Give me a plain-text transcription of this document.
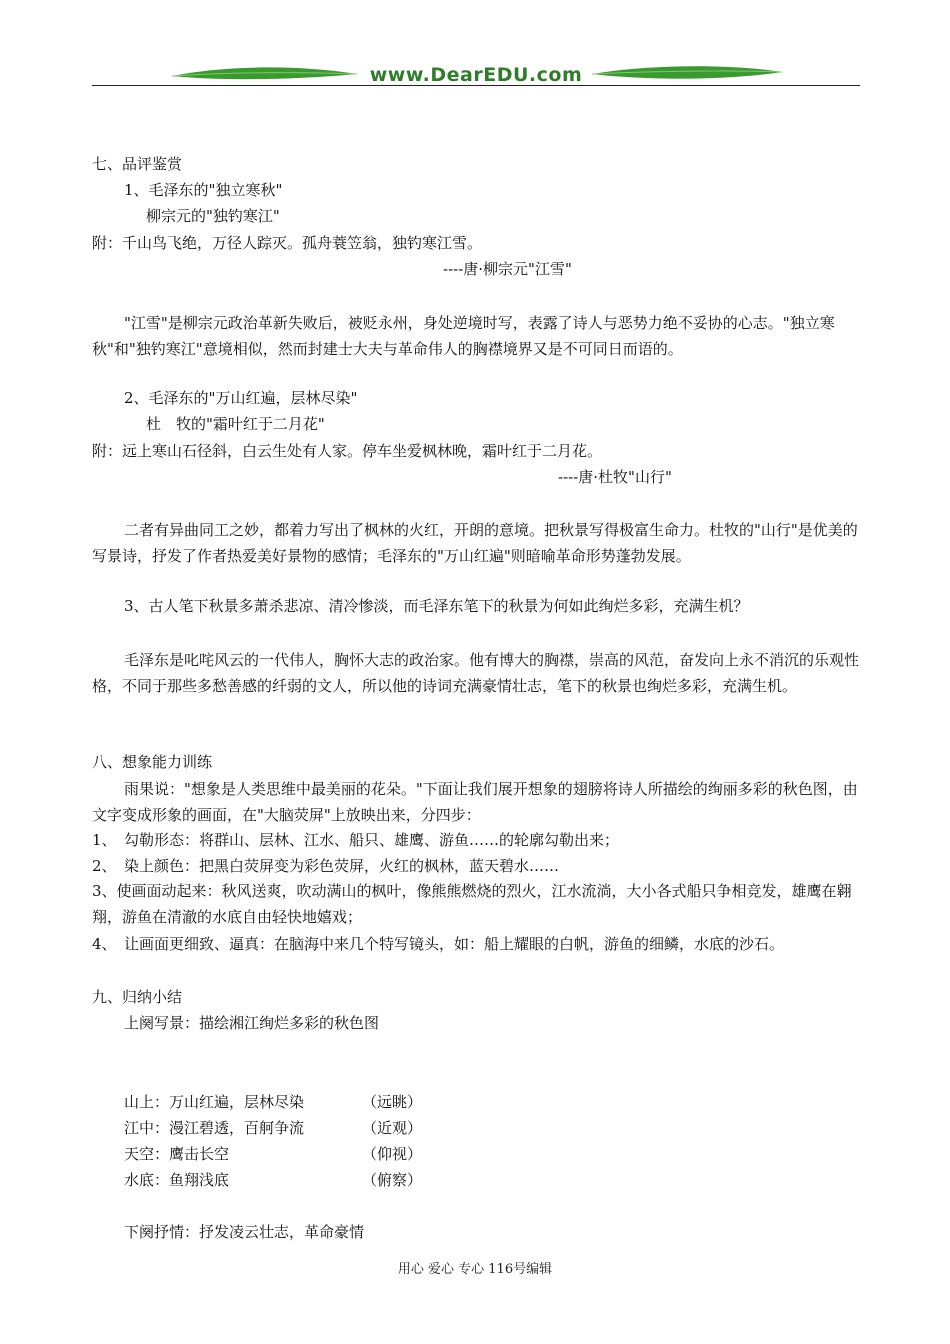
www.DearEDU.com
七、品评鉴赏
1、毛泽东的"独立寒秋"
柳宗元的"独钓寒江"
附：千山鸟飞绝，万径人踪灭。孤舟蓑笠翁，独钓寒江雪。
----唐·柳宗元"江雪"
"江雪"是柳宗元政治革新失败后，被贬永州，身处逆境时写，表露了诗人与恶势力绝不妥协的心志。"独立寒秋"和"独钓寒江"意境相似，然而封建士大夫与革命伟人的胸襟境界又是不可同日而语的。
2、毛泽东的"万山红遍，层林尽染"
杜　牧的"霜叶红于二月花"
附：远上寒山石径斜，白云生处有人家。停车坐爱枫林晚，霜叶红于二月花。
----唐·杜牧"山行"
二者有异曲同工之妙，都着力写出了枫林的火红，开朗的意境。把秋景写得极富生命力。杜牧的"山行"是优美的写景诗，抒发了作者热爱美好景物的感情；毛泽东的"万山红遍"则暗喻革命形势蓬勃发展。
3、古人笔下秋景多萧杀悲凉、清冷惨淡，而毛泽东笔下的秋景为何如此绚烂多彩，充满生机？
毛泽东是叱咤风云的一代伟人，胸怀大志的政治家。他有博大的胸襟，崇高的风范，奋发向上永不消沉的乐观性格，不同于那些多愁善感的纤弱的文人，所以他的诗词充满豪情壮志，笔下的秋景也绚烂多彩，充满生机。
八、想象能力训练
雨果说："想象是人类思维中最美丽的花朵。"下面让我们展开想象的翅膀将诗人所描绘的绚丽多彩的秋色图，由文字变成形象的画面，在"大脑荧屏"上放映出来，分四步：
1、　勾勒形态：将群山、层林、江水、船只、雄鹰、游鱼……的轮廓勾勒出来；
2、　染上颜色：把黑白荧屏变为彩色荧屏，火红的枫林，蓝天碧水……
3、使画面动起来：秋风送爽，吹动满山的枫叶，像熊熊燃烧的烈火，江水流淌，大小各式船只争相竞发，雄鹰在翱翔，游鱼在清澈的水底自由轻快地嬉戏；
4、　让画面更细致、逼真：在脑海中来几个特写镜头，如：船上耀眼的白帆，游鱼的细鳞，水底的沙石。
九、归纳小结
上阕写景：描绘湘江绚烂多彩的秋色图
山上：万山红遍，层林尽染	（远眺）
江中：漫江碧透，百舸争流	（近观）
天空：鹰击长空	（仰视）
水底：鱼翔浅底	（俯察）
下阕抒情：抒发凌云壮志，革命豪情
用心 爱心 专心 116号编辑
